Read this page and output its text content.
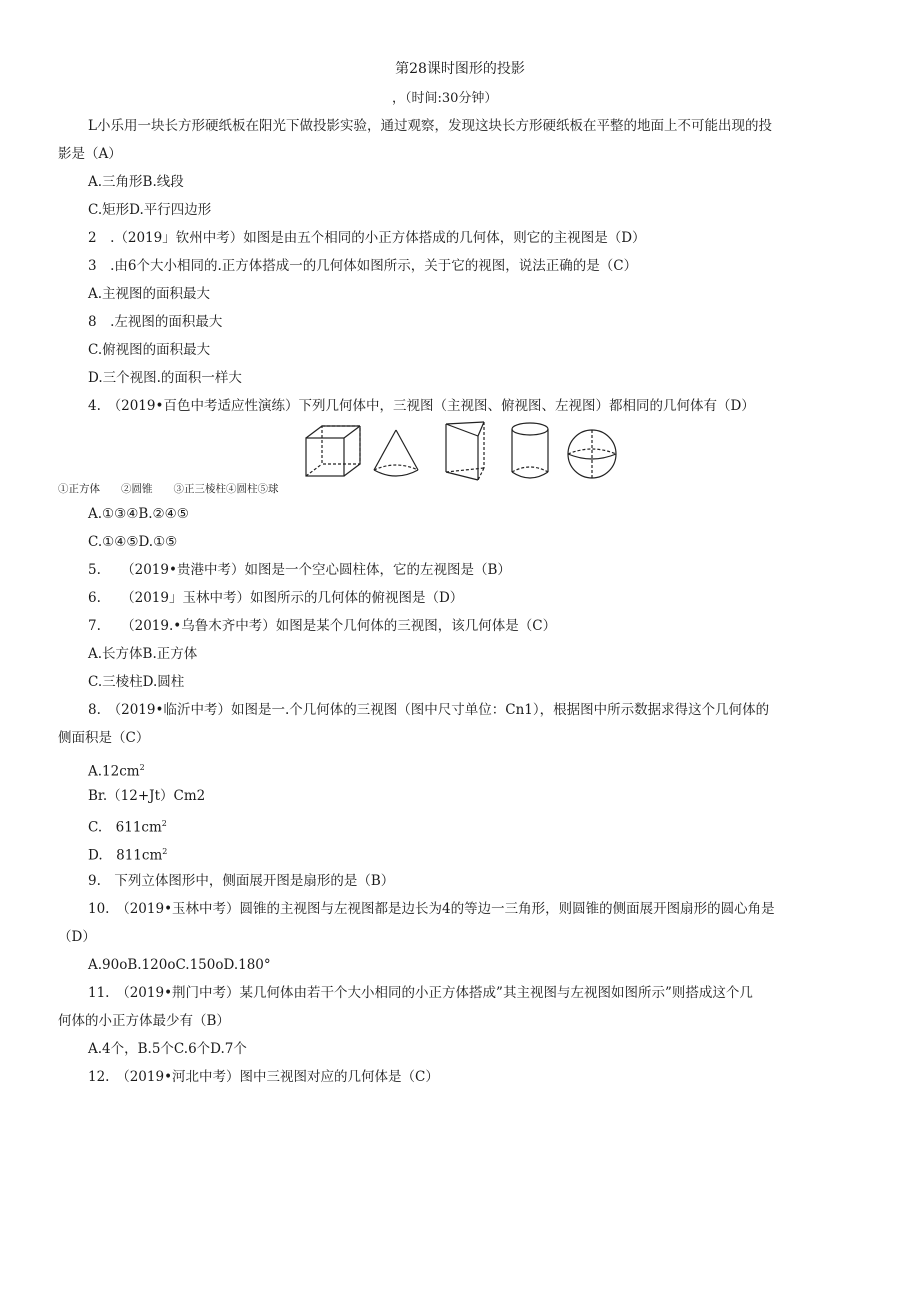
第28课时图形的投影
，（时间:30分钟）
L小乐用一块长方形硬纸板在阳光下做投影实验，通过观察，发现这块长方形硬纸板在平整的地面上不可能出现的投
影是（A）
A.三角形B.线段
C.矩形D.平行四边形
2　.（2019」钦州中考）如图是由五个相同的小正方体搭成的几何体，则它的主视图是（D）
3　.由6个大小相同的.正方体搭成一的几何体如图所示，关于它的视图，说法正确的是（C）
A.主视图的面积最大
8　.左视图的面积最大
C.俯视图的面积最大
D.三个视图.的面积一样大
4.　（2019•百色中考适应性演练）下列几何体中，三视图（主视图、俯视图、左视图）都相同的几何体有（D）
①正方体　　②圆锥　　③正三棱柱④圆柱⑤球
A.①③④B.②④⑤
C.①④⑤D.①⑤
5.　　（2019•贵港中考）如图是一个空心圆柱体，它的左视图是（B）
6.　　（2019」玉林中考）如图所示的几何体的俯视图是（D）
7.　　（2019.•乌鲁木齐中考）如图是某个几何体的三视图，该几何体是（C）
A.长方体B.正方体
C.三棱柱D.圆柱
8.　（2019•临沂中考）如图是一.个几何体的三视图（图中尺寸单位：Cn1），根据图中所示数据求得这个几何体的
侧面积是（C）
$A.12cm^2$
Br.（12+Jt）Cm2
C.　$611cm^2$
D.　$811cm^2$
9.　下列立体图形中，侧面展开图是扇形的是（B）
10.　（2019•玉林中考）圆锥的主视图与左视图都是边长为4的等边一三角形，则圆锥的侧面展开图扇形的圆心角是
（D）
A.90oB.120oC.150oD.180°
11.　（2019•荆门中考）某几何体由若干个大小相同的小正方体搭成”其主视图与左视图如图所示”则搭成这个几
何体的小正方体最少有（B）
A.4个，B.5个C.6个D.7个
12.　（2019•河北中考）图中三视图对应的几何体是（C）
